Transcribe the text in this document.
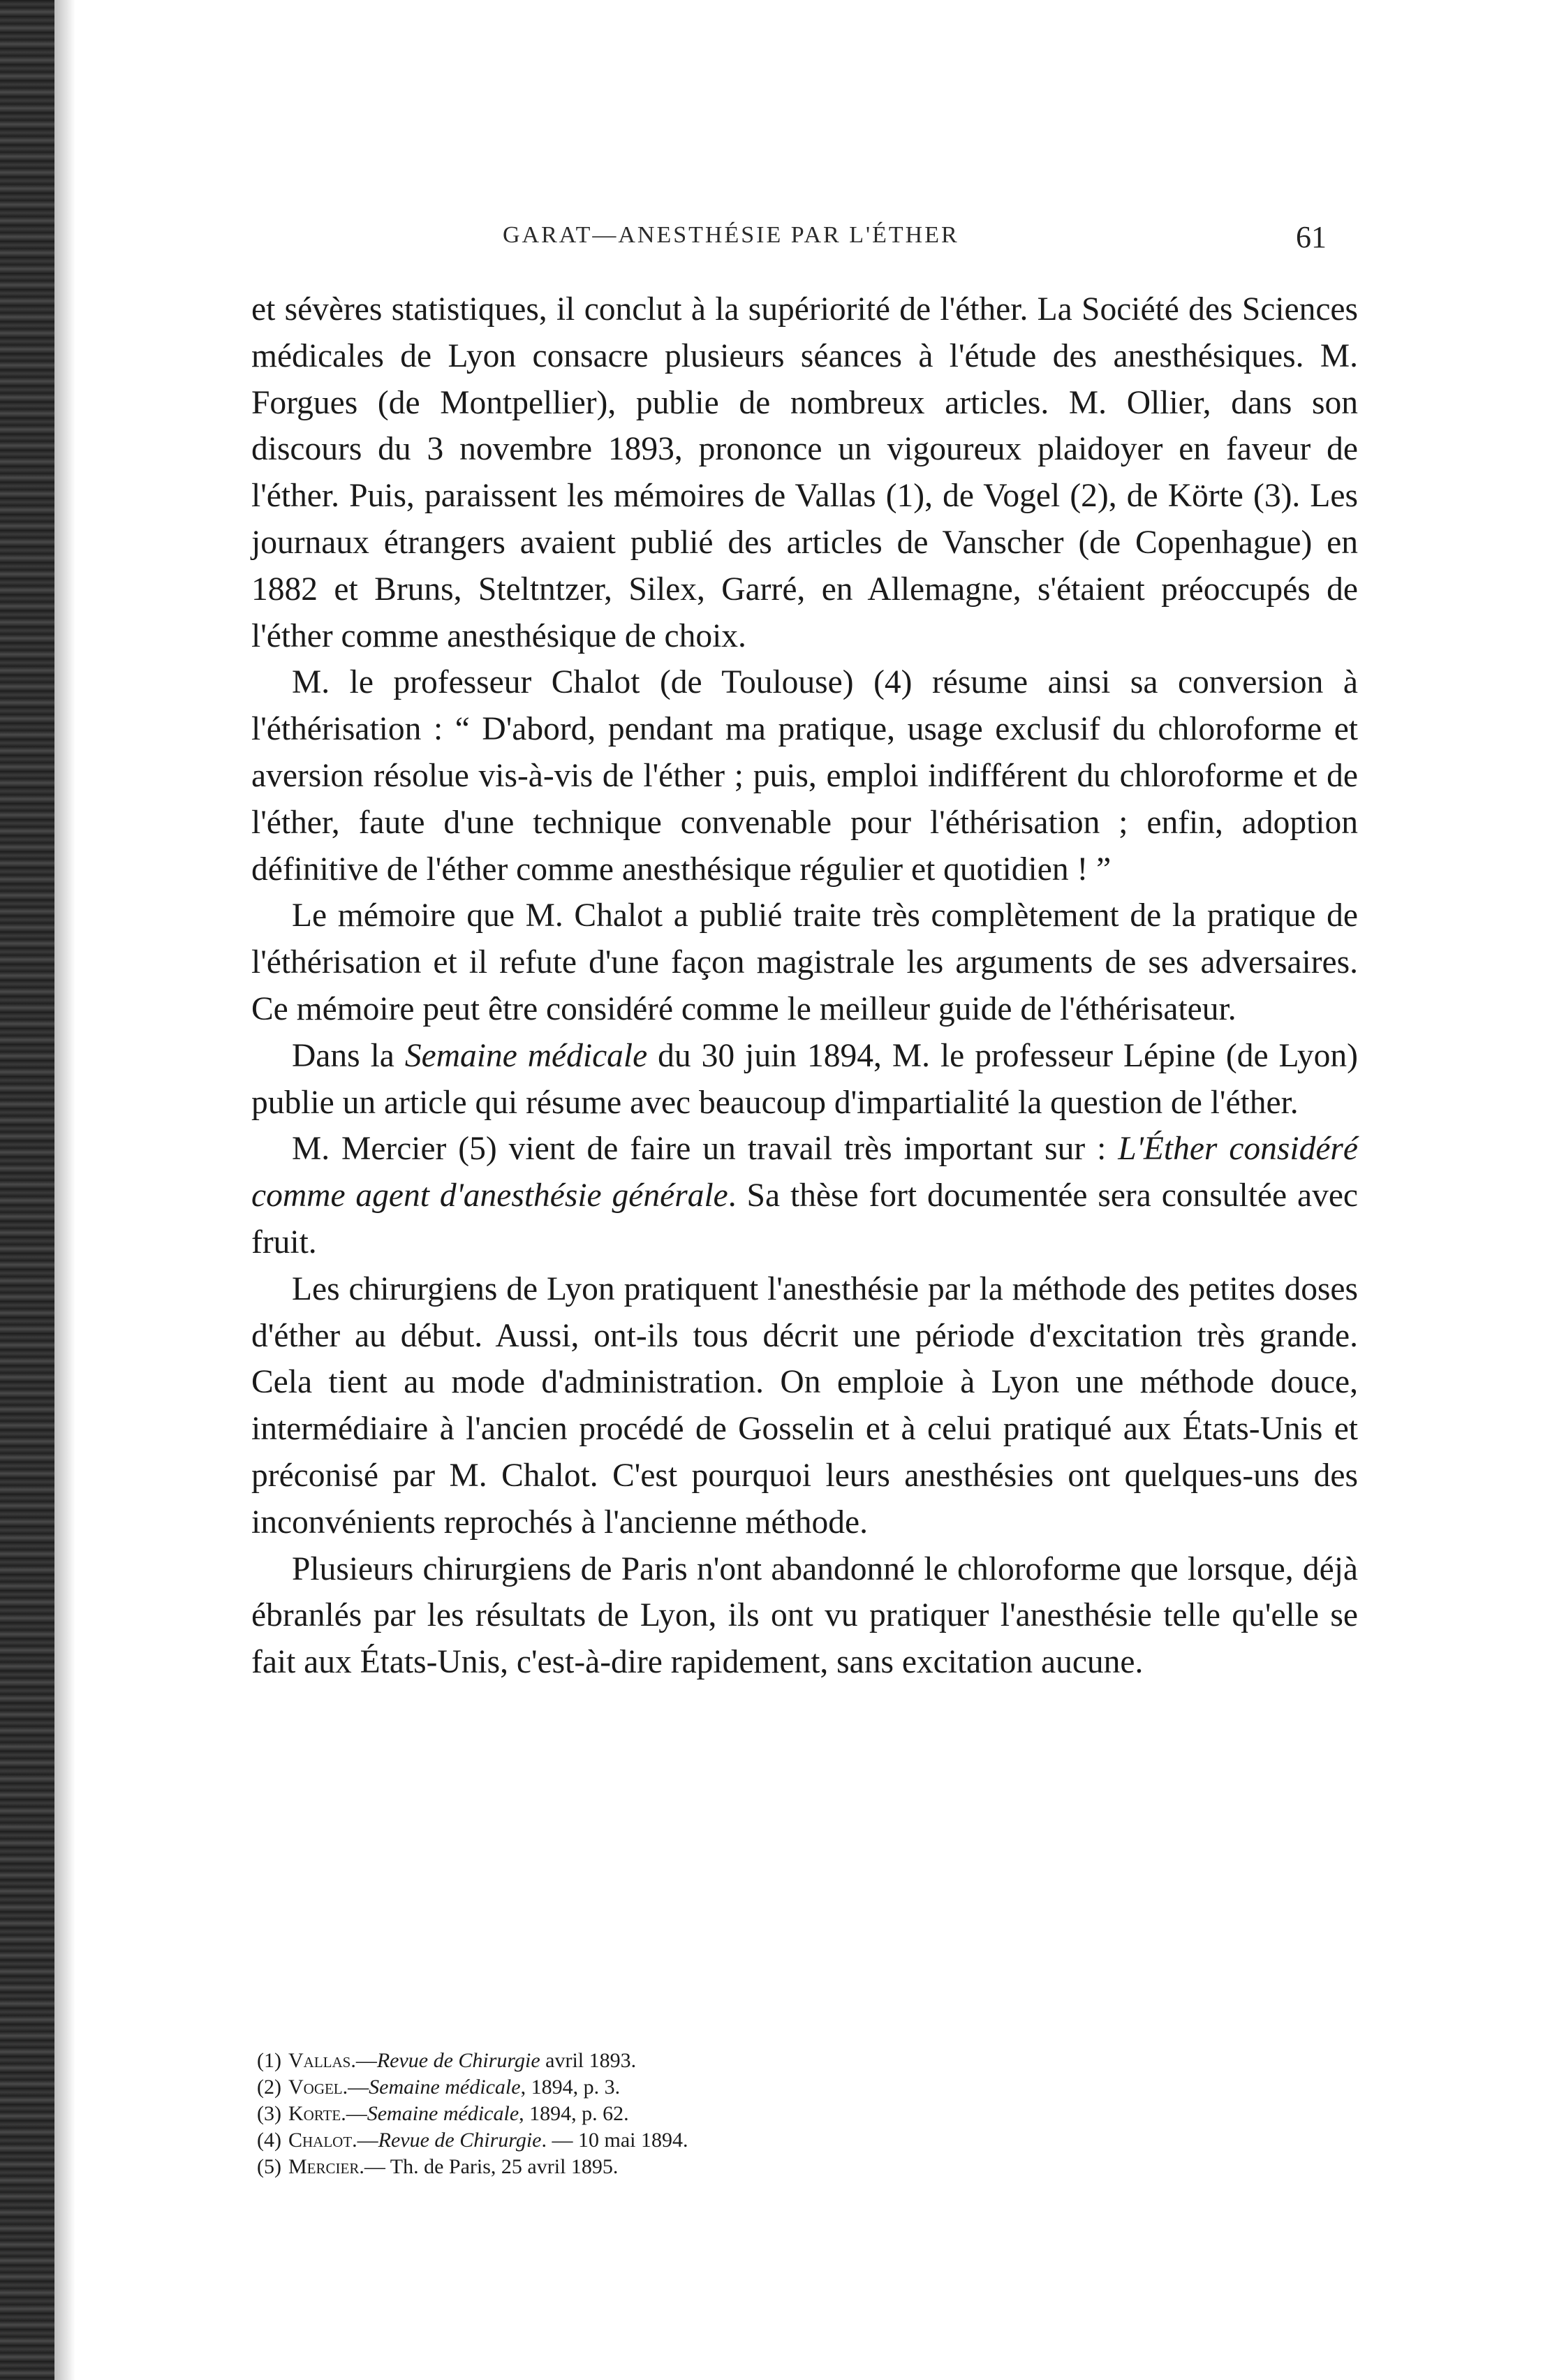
GARAT—ANESTHÉSIE PAR L'ÉTHER	61

et sévères statistiques, il conclut à la supériorité de l'éther. La Société des Sciences médicales de Lyon consacre plusieurs séances à l'étude des anesthésiques. M. Forgues (de Montpellier), publie de nombreux articles. M. Ollier, dans son discours du 3 novembre 1893, prononce un vigoureux plaidoyer en faveur de l'éther. Puis, paraissent les mémoires de Vallas (1), de Vogel (2), de Körte (3). Les journaux étrangers avaient publié des articles de Vanscher (de Copenhague) en 1882 et Bruns, Steltntzer, Silex, Garré, en Allemagne, s'étaient préoccupés de l'éther comme anesthésique de choix.

M. le professeur Chalot (de Toulouse) (4) résume ainsi sa conversion à l'éthérisation : “ D'abord, pendant ma pratique, usage exclusif du chloroforme et aversion résolue vis-à-vis de l'éther ; puis, emploi indifférent du chloroforme et de l'éther, faute d'une technique convenable pour l'éthérisation ; enfin, adoption définitive de l'éther comme anesthésique régulier et quotidien ! ”

Le mémoire que M. Chalot a publié traite très complètement de la pratique de l'éthérisation et il refute d'une façon magistrale les arguments de ses adversaires. Ce mémoire peut être considéré comme le meilleur guide de l'éthérisateur.

Dans la Semaine médicale du 30 juin 1894, M. le professeur Lépine (de Lyon) publie un article qui résume avec beaucoup d'impartialité la question de l'éther.

M. Mercier (5) vient de faire un travail très important sur : L'Éther considéré comme agent d'anesthésie générale. Sa thèse fort documentée sera consultée avec fruit.

Les chirurgiens de Lyon pratiquent l'anesthésie par la méthode des petites doses d'éther au début. Aussi, ont-ils tous décrit une période d'excitation très grande. Cela tient au mode d'administration. On emploie à Lyon une méthode douce, intermédiaire à l'ancien procédé de Gosselin et à celui pratiqué aux États-Unis et préconisé par M. Chalot. C'est pourquoi leurs anesthésies ont quelques-uns des inconvénients reprochés à l'ancienne méthode.

Plusieurs chirurgiens de Paris n'ont abandonné le chloroforme que lorsque, déjà ébranlés par les résultats de Lyon, ils ont vu pratiquer l'anesthésie telle qu'elle se fait aux États-Unis, c'est-à-dire rapidement, sans excitation aucune.

(1) Vallas.—Revue de Chirurgie avril 1893.
(2) Vogel.—Semaine médicale, 1894, p. 3.
(3) Korte.—Semaine médicale, 1894, p. 62.
(4) Chalot.—Revue de Chirurgie. — 10 mai 1894.
(5) Mercier.— Th. de Paris, 25 avril 1895.
